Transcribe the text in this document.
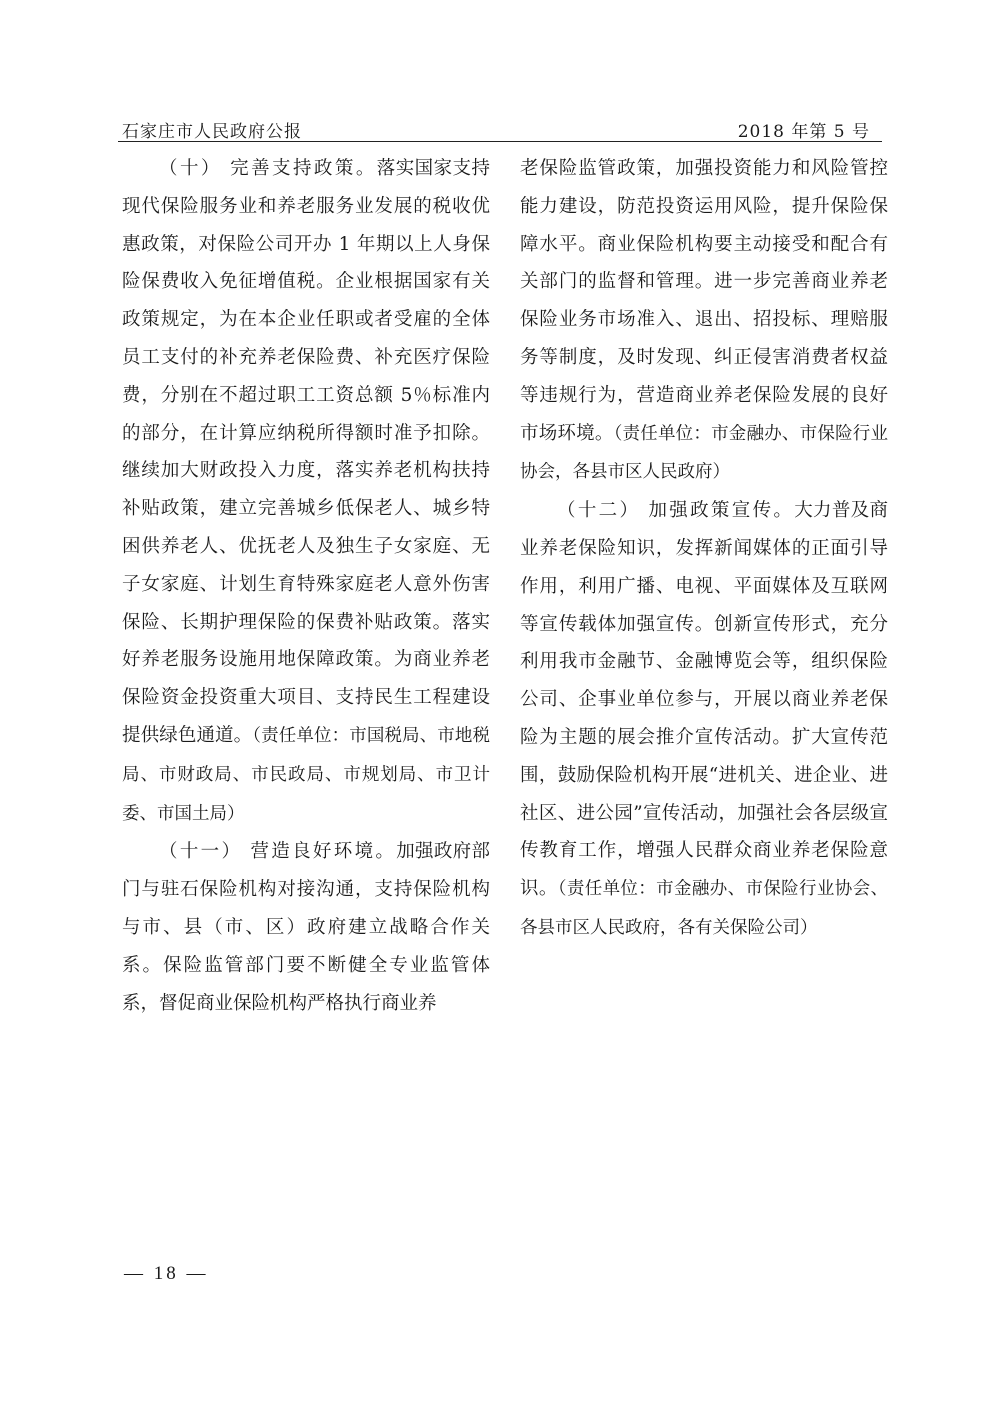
石家庄市人民政府公报	2018 年第 5 号

（十） 完善支持政策。落实国家支持现代保险服务业和养老服务业发展的税收优惠政策，对保险公司开办 1 年期以上人身保险保费收入免征增值税。企业根据国家有关政策规定，为在本企业任职或者受雇的全体员工支付的补充养老保险费、补充医疗保险费，分别在不超过职工工资总额 5％标准内的部分，在计算应纳税所得额时准予扣除。继续加大财政投入力度，落实养老机构扶持补贴政策，建立完善城乡低保老人、城乡特困供养老人、优抚老人及独生子女家庭、无子女家庭、计划生育特殊家庭老人意外伤害保险、长期护理保险的保费补贴政策。落实好养老服务设施用地保障政策。为商业养老保险资金投资重大项目、支持民生工程建设提供绿色通道。（责任单位：市国税局、市地税局、市财政局、市民政局、市规划局、市卫计委、市国土局）

（十一） 营造良好环境。加强政府部门与驻石保险机构对接沟通，支持保险机构与市、县（市、区）政府建立战略合作关系。保险监管部门要不断健全专业监管体系，督促商业保险机构严格执行商业养

老保险监管政策，加强投资能力和风险管控能力建设，防范投资运用风险，提升保险保障水平。商业保险机构要主动接受和配合有关部门的监督和管理。进一步完善商业养老保险业务市场准入、退出、招投标、理赔服务等制度，及时发现、纠正侵害消费者权益等违规行为，营造商业养老保险发展的良好市场环境。（责任单位：市金融办、市保险行业协会，各县市区人民政府）

（十二） 加强政策宣传。大力普及商业养老保险知识，发挥新闻媒体的正面引导作用，利用广播、电视、平面媒体及互联网等宣传载体加强宣传。创新宣传形式，充分利用我市金融节、金融博览会等，组织保险公司、企事业单位参与，开展以商业养老保险为主题的展会推介宣传活动。扩大宣传范围，鼓励保险机构开展“进机关、进企业、进社区、进公园”宣传活动，加强社会各层级宣传教育工作，增强人民群众商业养老保险意识。（责任单位：市金融办、市保险行业协会、各县市区人民政府，各有关保险公司）

— 18 —
